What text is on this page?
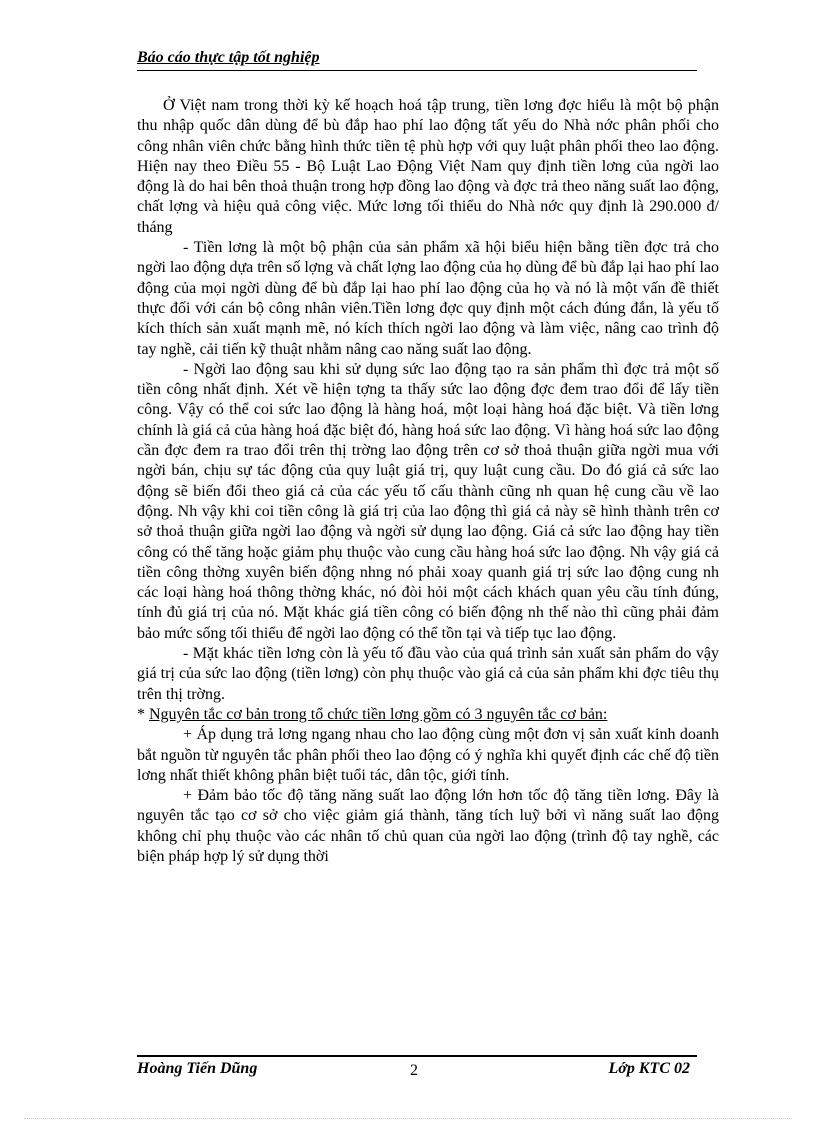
Báo cáo thực tập tốt nghiệp

Ở Việt nam trong thời kỳ kế hoạch hoá tập trung, tiền lơng đợc hiểu là một bộ phận thu nhập quốc dân dùng để bù đắp hao phí lao động tất yếu do Nhà nớc phân phối cho công nhân viên chức bằng hình thức tiền tệ phù hợp với quy luật phân phối theo lao động. Hiện nay theo Điều 55 - Bộ Luật Lao Động Việt Nam quy định tiền lơng của ngời lao động là do hai bên thoả thuận trong hợp đồng lao động và đợc trả theo năng suất lao động, chất lợng và hiệu quả công việc. Mức lơng tối thiểu do Nhà nớc quy định là 290.000 đ/ tháng

- Tiền lơng là một bộ phận của sản phẩm xã hội biểu hiện bằng tiền đợc trả cho ngời lao động dựa trên số lợng và chất lợng lao động của họ dùng để bù đắp lại hao phí lao động của mọi ngời dùng để bù đắp lại hao phí lao động của họ và nó là một vấn đề thiết thực đối với cán bộ công nhân viên.Tiền lơng đợc quy định một cách đúng đắn, là yếu tố kích thích sản xuất mạnh mẽ, nó kích thích ngời lao động và làm việc, nâng cao trình độ tay nghề, cải tiến kỹ thuật nhằm nâng cao năng suất lao động.

- Ngời lao động sau khi sử dụng sức lao động tạo ra sản phẩm thì đợc trả một số tiền công nhất định. Xét về hiện tợng ta thấy sức lao động đợc đem trao đổi để lấy tiền công. Vậy có thể coi sức lao động là hàng hoá, một loại hàng hoá đặc biệt. Và tiền lơng chính là giá cả của hàng hoá đặc biệt đó, hàng hoá sức lao động. Vì hàng hoá sức lao động cần đợc đem ra trao đổi trên thị trờng lao động trên cơ sở thoả thuận giữa ngời mua với ngời bán, chịu sự tác động của quy luật giá trị, quy luật cung cầu. Do đó giá cả sức lao động sẽ biến đổi theo giá cả của các yếu tố cấu thành cũng nh quan hệ cung cầu về lao động. Nh vậy khi coi tiền công là giá trị của lao động thì giá cả này sẽ hình thành trên cơ sở thoả thuận giữa ngời lao động và ngời sử dụng lao động. Giá cả sức lao động hay tiền công có thể tăng hoặc giảm phụ thuộc vào cung cầu hàng hoá sức lao động. Nh vậy giá cả tiền công thờng xuyên biến động nhng nó phải xoay quanh giá trị sức lao động cung nh các loại hàng hoá thông thờng khác, nó đòi hỏi một cách khách quan yêu cầu tính đúng, tính đủ giá trị của nó. Mặt khác giá tiền công có biến động nh thế nào thì cũng phải đảm bảo mức sống tối thiểu để ngời lao động có thể tồn tại và tiếp tục lao động.

- Mặt khác tiền lơng còn là yếu tố đầu vào của quá trình sản xuất sản phẩm do vậy giá trị của sức lao động (tiền lơng) còn phụ thuộc vào giá cả của sản phẩm khi đợc tiêu thụ trên thị trờng.

* Nguyên tắc cơ bản trong tổ chức tiền lơng gồm có 3 nguyên tắc cơ bản:

+ Áp dụng trả lơng ngang nhau cho lao động cùng một đơn vị sản xuất kinh doanh bắt nguồn từ nguyên tắc phân phối theo lao động có ý nghĩa khi quyết định các chế độ tiền lơng nhất thiết không phân biệt tuổi tác, dân tộc, giới tính.

+ Đảm bảo tốc độ tăng năng suất lao động lớn hơn tốc độ tăng tiền lơng. Đây là nguyên tắc tạo cơ sở cho việc giảm giá thành, tăng tích luỹ bởi vì năng suất lao động không chỉ phụ thuộc vào các nhân tố chủ quan của ngời lao động (trình độ tay nghề, các biện pháp hợp lý sử dụng thời

Hoàng Tiến Dũng	2	Lớp KTC 02
